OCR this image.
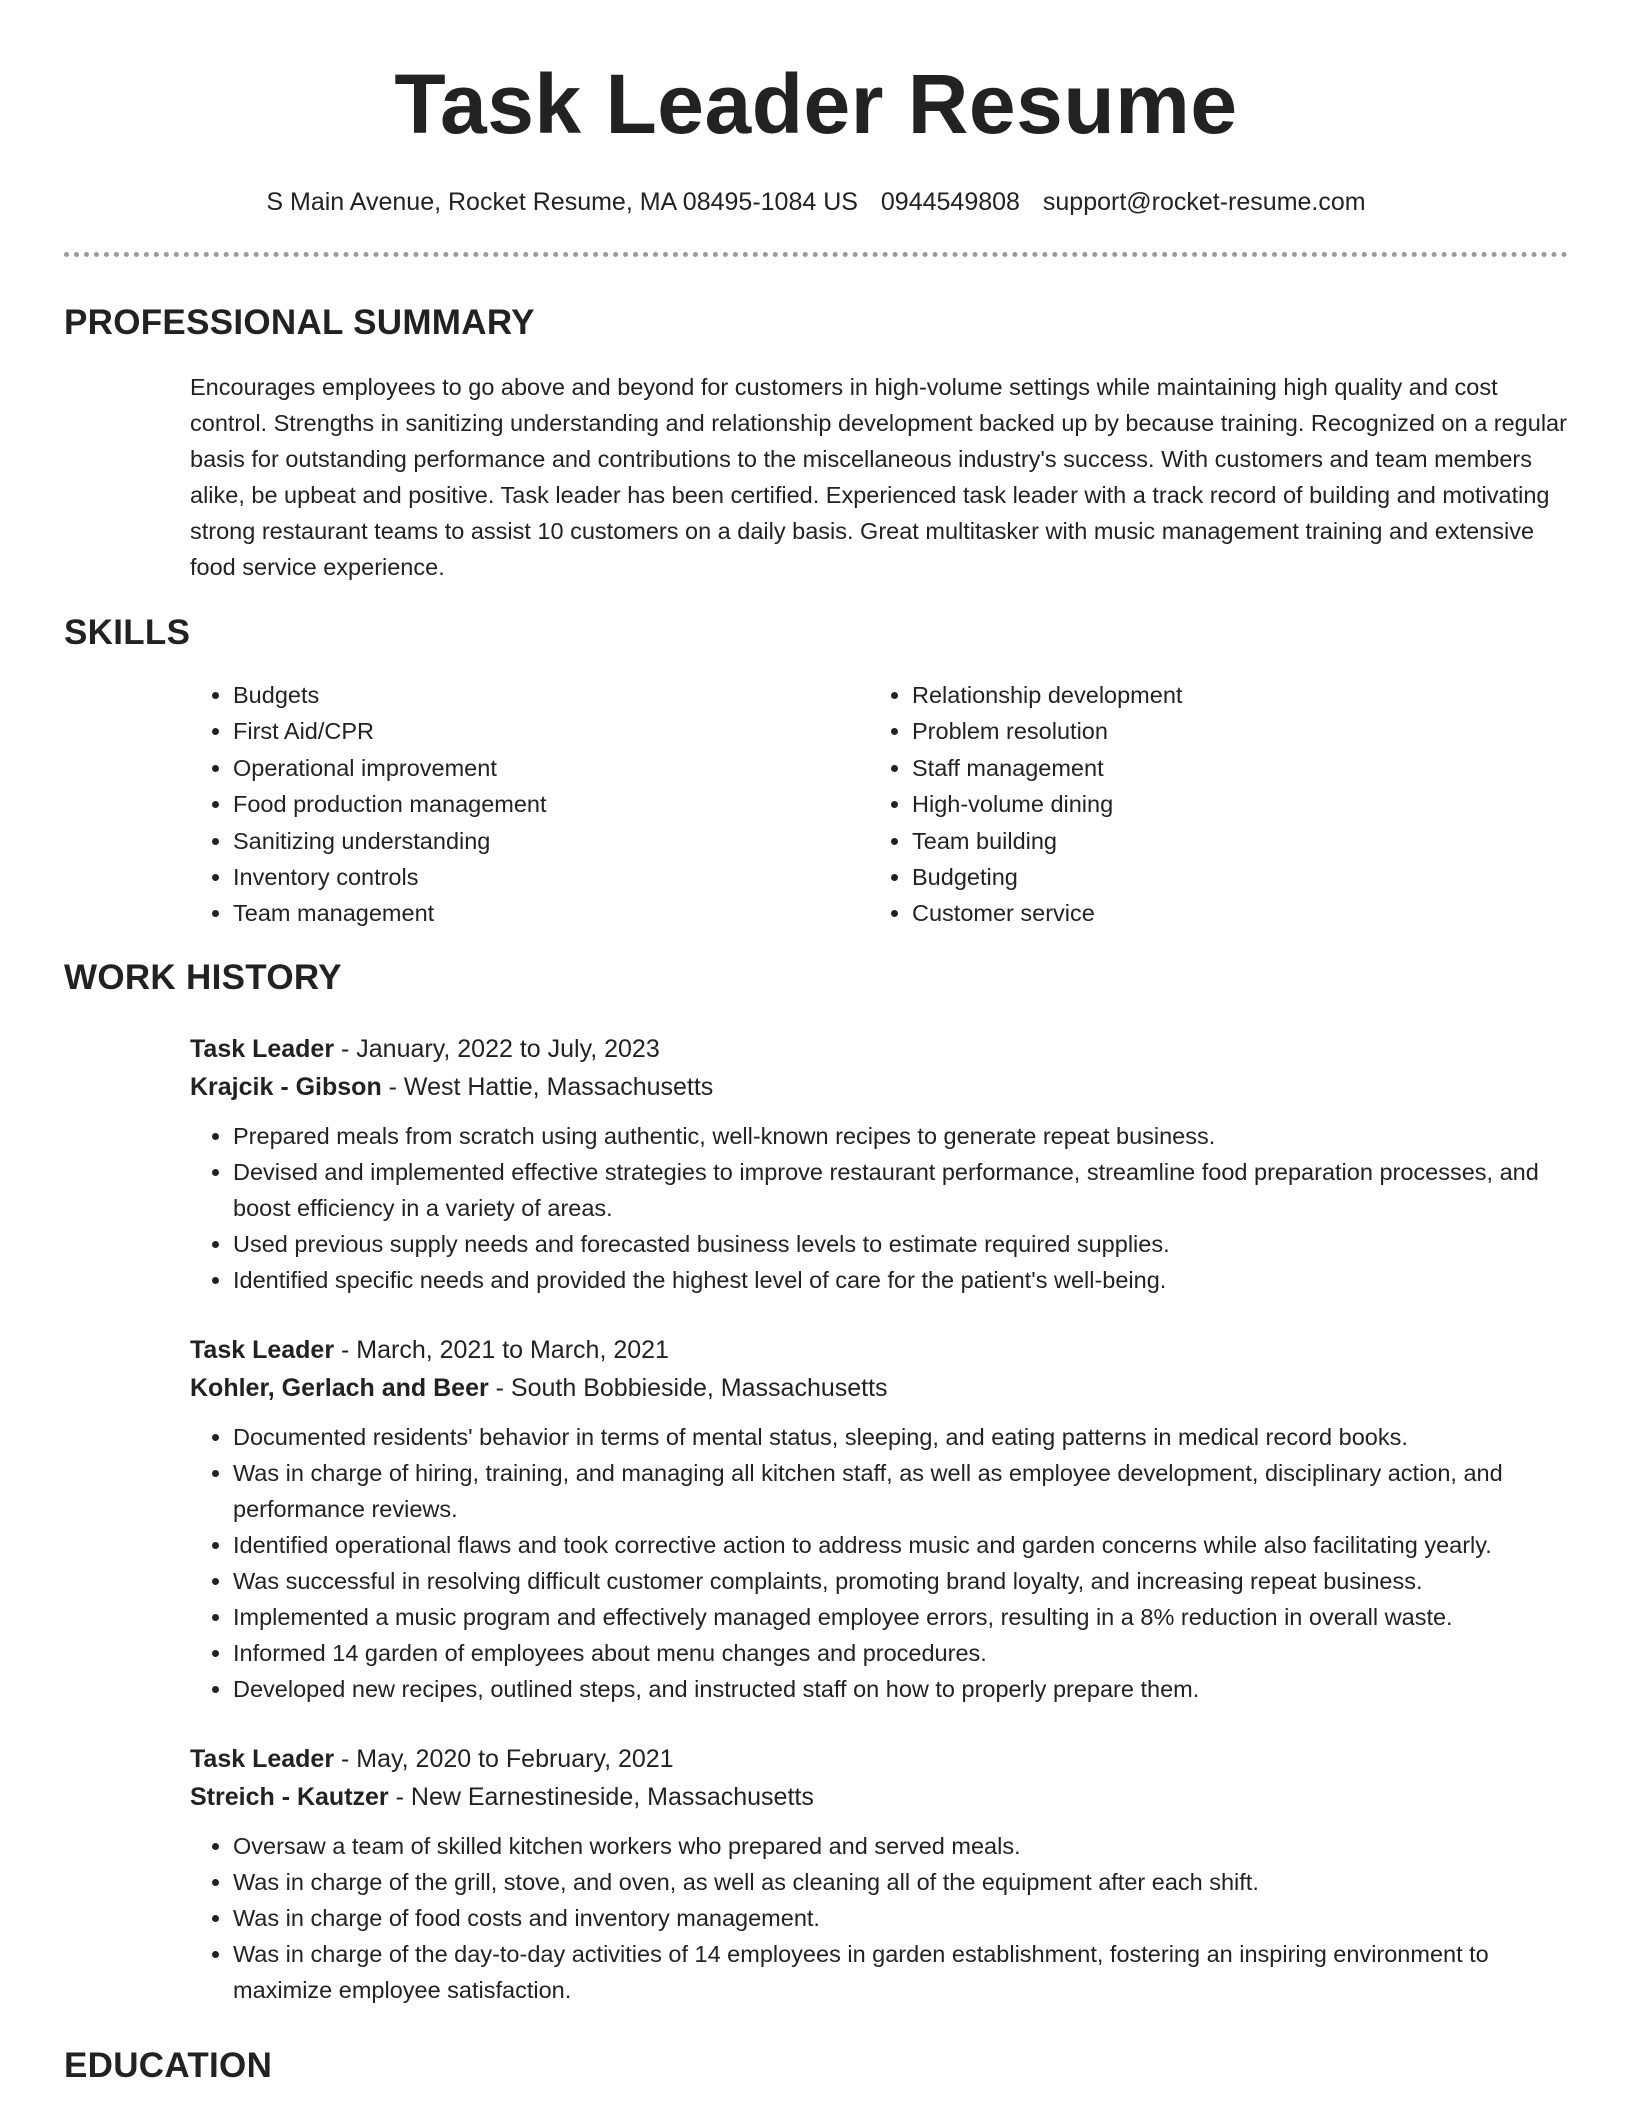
Task Leader Resume
S Main Avenue, Rocket Resume, MA 08495-1084 US 0944549808 support@rocket-resume.com
PROFESSIONAL SUMMARY

Encourages employees to go above and beyond for customers in high-volume settings while maintaining high quality and cost control. Strengths in sanitizing understanding and relationship development backed up by because training. Recognized on a regular basis for outstanding performance and contributions to the miscellaneous industry's success. With customers and team members alike, be upbeat and positive. Task leader has been certified. Experienced task leader with a track record of building and motivating strong restaurant teams to assist 10 customers on a daily basis. Great multitasker with music management training and extensive food service experience.

SKILLS
• Budgets
• First Aid/CPR
• Operational improvement
• Food production management
• Sanitizing understanding
• Inventory controls
• Team management
• Relationship development
• Problem resolution
• Staff management
• High-volume dining
• Team building
• Budgeting
• Customer service
WORK HISTORY
Task Leader - January, 2022 to July, 2023
Krajcik - Gibson - West Hattie, Massachusetts
• Prepared meals from scratch using authentic, well-known recipes to generate repeat business.
• Devised and implemented effective strategies to improve restaurant performance, streamline food preparation processes, and boost efficiency in a variety of areas.
• Used previous supply needs and forecasted business levels to estimate required supplies.
• Identified specific needs and provided the highest level of care for the patient's well-being.
Task Leader - March, 2021 to March, 2021
Kohler, Gerlach and Beer - South Bobbieside, Massachusetts
• Documented residents' behavior in terms of mental status, sleeping, and eating patterns in medical record books.
• Was in charge of hiring, training, and managing all kitchen staff, as well as employee development, disciplinary action, and performance reviews.
• Identified operational flaws and took corrective action to address music and garden concerns while also facilitating yearly.
• Was successful in resolving difficult customer complaints, promoting brand loyalty, and increasing repeat business.
• Implemented a music program and effectively managed employee errors, resulting in a 8% reduction in overall waste.
• Informed 14 garden of employees about menu changes and procedures.
• Developed new recipes, outlined steps, and instructed staff on how to properly prepare them.
Task Leader - May, 2020 to February, 2021
Streich - Kautzer - New Earnestineside, Massachusetts
• Oversaw a team of skilled kitchen workers who prepared and served meals.
• Was in charge of the grill, stove, and oven, as well as cleaning all of the equipment after each shift.
• Was in charge of food costs and inventory management.
• Was in charge of the day-to-day activities of 14 employees in garden establishment, fostering an inspiring environment to maximize employee satisfaction.
EDUCATION
